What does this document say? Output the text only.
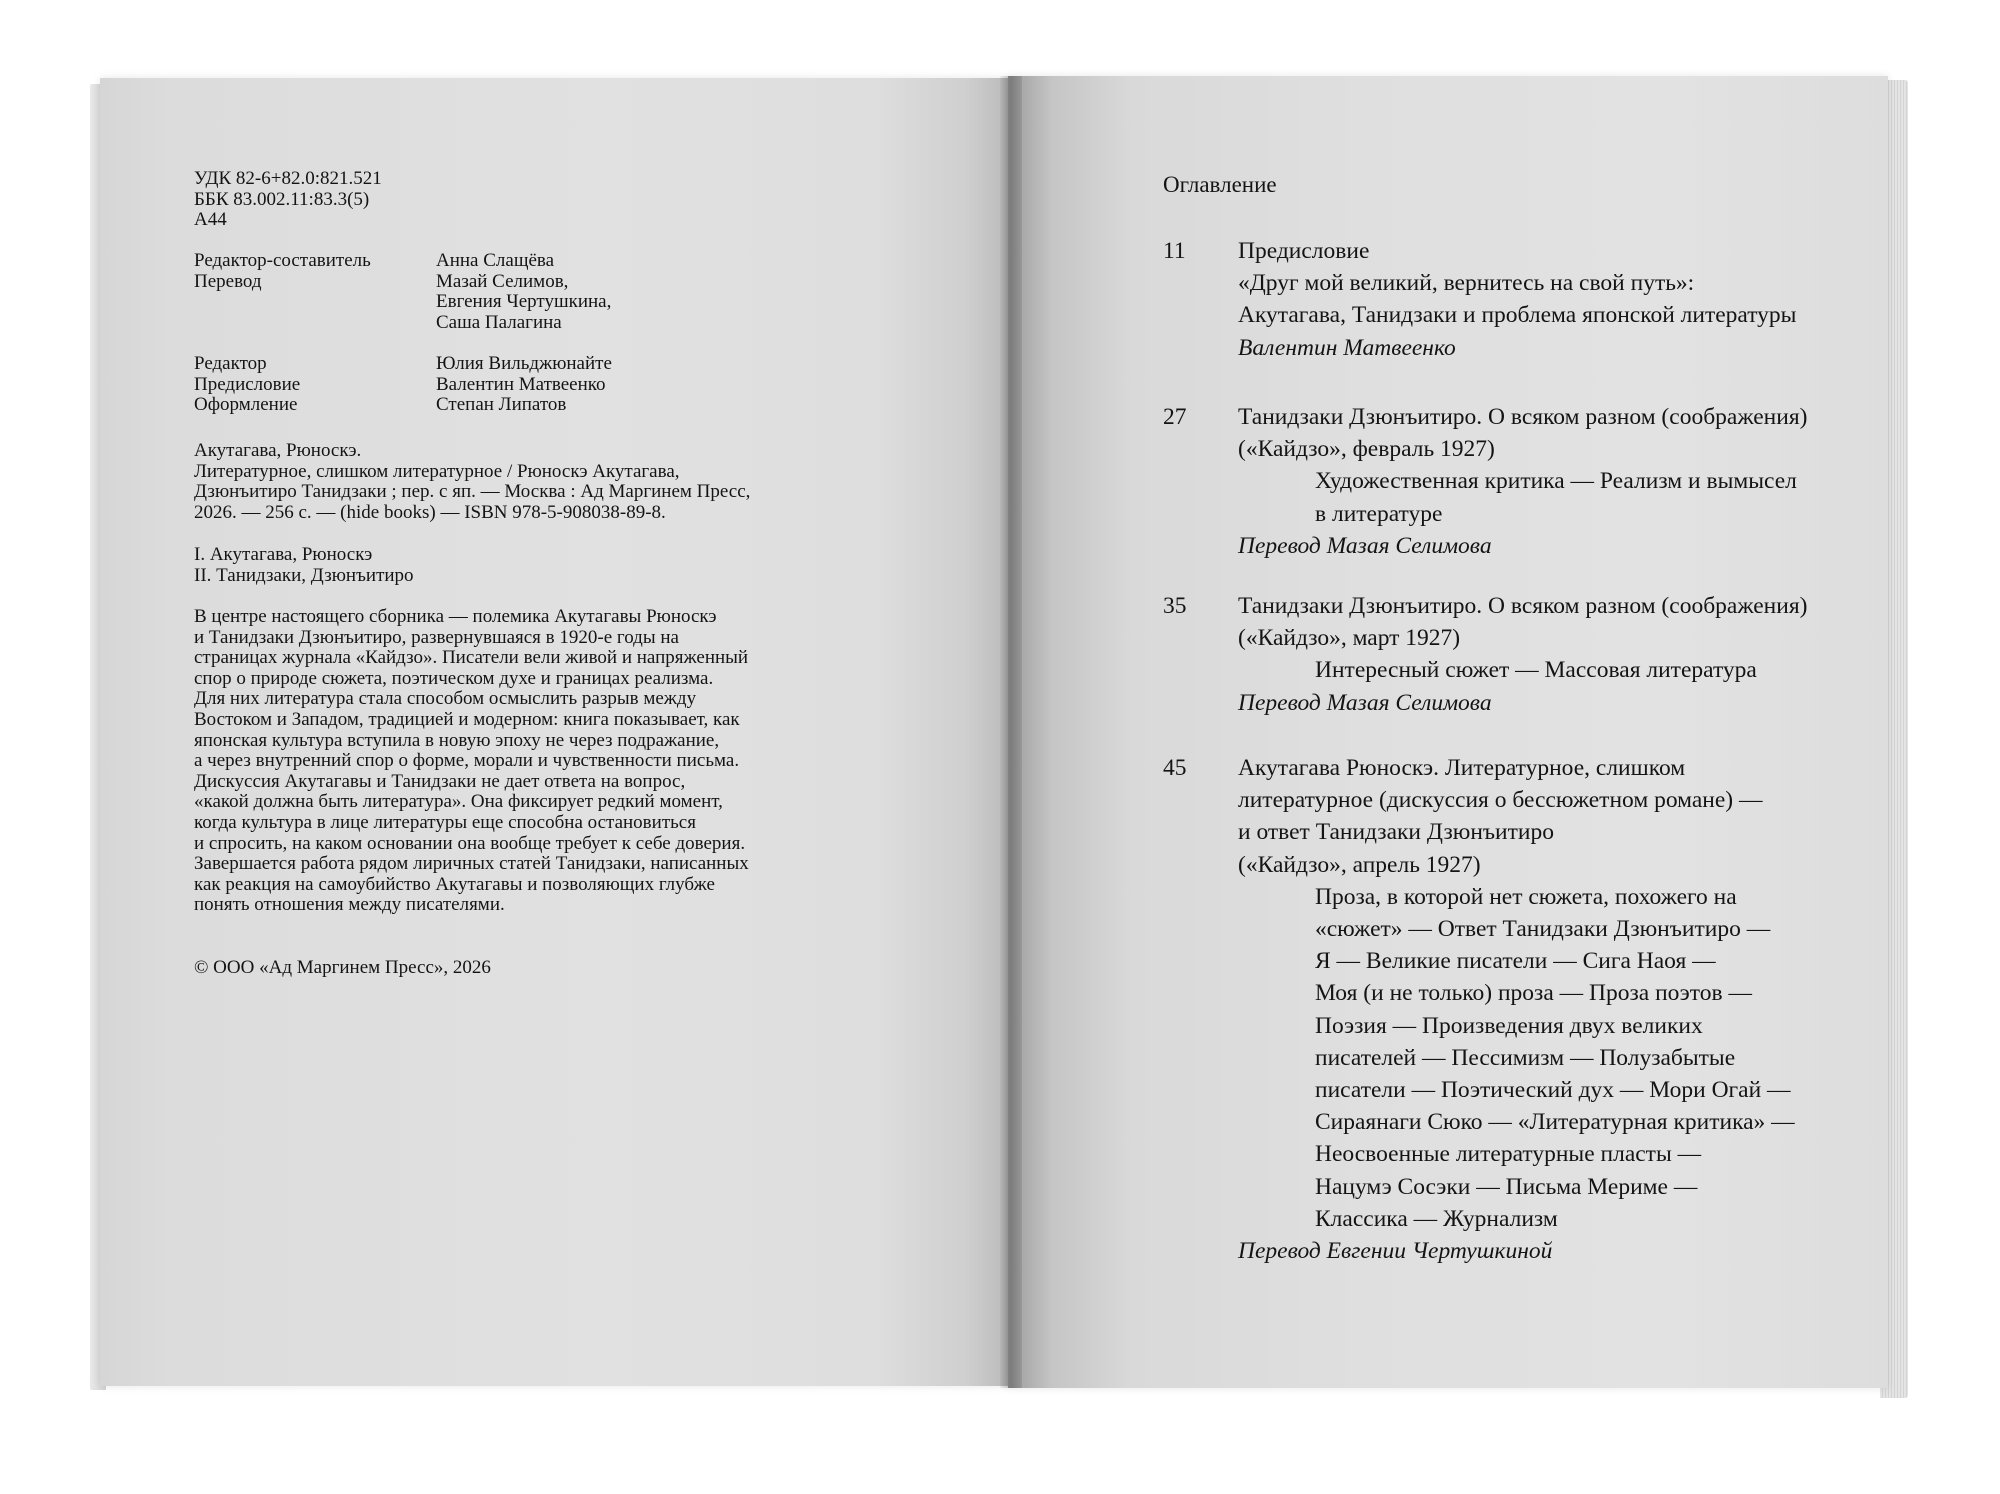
УДК 82-6+82.0:821.521
ББК 83.002.11:83.3(5)
А44
Редактор-составитель	Анна Слащёва
Перевод	Мазай Селимов,
Евгения Чертушкина,
Саша Палагина
Редактор	Юлия Вильджюнайте
Предисловие	Валентин Матвеенко
Оформление	Степан Липатов
Акутагава, Рюноскэ.
Литературное, слишком литературное / Рюноскэ Акутагава,
Дзюнъитиро Танидзаки ; пер. с яп. — Москва : Ад Маргинем Пресс,
2026. — 256 с. — (hide books) — ISBN 978-5-908038-89-8.
I. Акутагава, Рюноскэ
II. Танидзаки, Дзюнъитиро
В центре настоящего сборника — полемика Акутагавы Рюноскэ
и Танидзаки Дзюнъитиро, развернувшаяся в 1920-е годы на
страницах журнала «Кайдзо». Писатели вели живой и напряженный
спор о природе сюжета, поэтическом духе и границах реализма.
Для них литература стала способом осмыслить разрыв между
Востоком и Западом, традицией и модерном: книга показывает, как
японская культура вступила в новую эпоху не через подражание,
а через внутренний спор о форме, морали и чувственности письма.
Дискуссия Акутагавы и Танидзаки не дает ответа на вопрос,
«какой должна быть литература». Она фиксирует редкий момент,
когда культура в лице литературы еще способна остановиться
и спросить, на каком основании она вообще требует к себе доверия.
Завершается работа рядом лиричных статей Танидзаки, написанных
как реакция на самоубийство Акутагавы и позволяющих глубже
понять отношения между писателями.
© ООО «Ад Маргинем Пресс», 2026
Оглавление
11	Предисловие
«Друг мой великий, вернитесь на свой путь»:
Акутагава, Танидзаки и проблема японской литературы
Валентин Матвеенко
27	Танидзаки Дзюнъитиро. О всяком разном (соображения)
(«Кайдзо», февраль 1927)
Художественная критика — Реализм и вымысел
в литературе
Перевод Мазая Селимова
35	Танидзаки Дзюнъитиро. О всяком разном (соображения)
(«Кайдзо», март 1927)
Интересный сюжет — Массовая литература
Перевод Мазая Селимова
45	Акутагава Рюноскэ. Литературное, слишком
литературное (дискуссия о бессюжетном романе) —
и ответ Танидзаки Дзюнъитиро
(«Кайдзо», апрель 1927)
Проза, в которой нет сюжета, похожего на
«сюжет» — Ответ Танидзаки Дзюнъитиро —
Я — Великие писатели — Сига Наоя —
Моя (и не только) проза — Проза поэтов —
Поэзия — Произведения двух великих
писателей — Пессимизм — Полузабытые
писатели — Поэтический дух — Мори Огай —
Сираянаги Сюко — «Литературная критика» —
Неосвоенные литературные пласты —
Нацумэ Сосэки — Письма Мериме —
Классика — Журнализм
Перевод Евгении Чертушкиной
